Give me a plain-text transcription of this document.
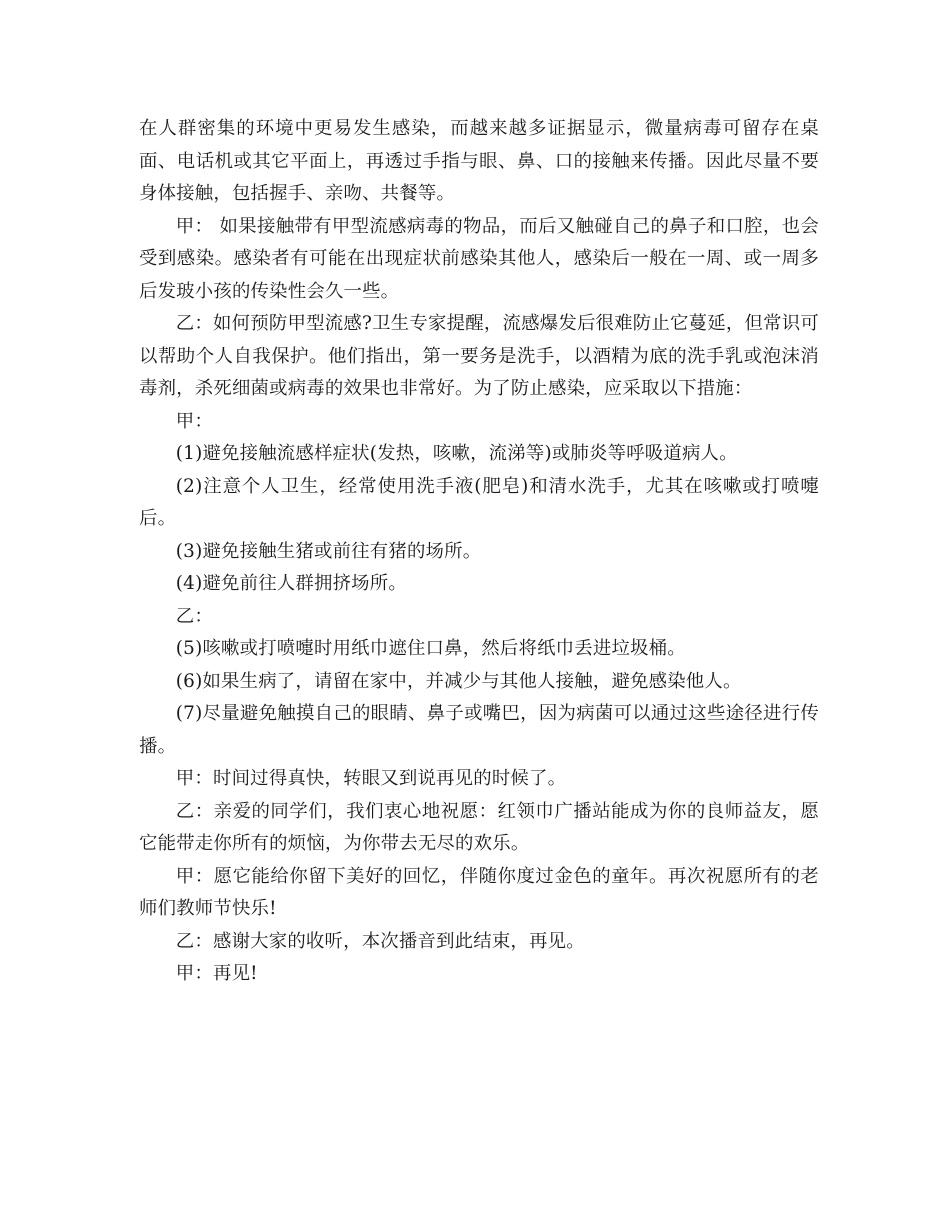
在人群密集的环境中更易发生感染，而越来越多证据显示，微量病毒可留存在桌面、电话机或其它平面上，再透过手指与眼、鼻、口的接触来传播。因此尽量不要身体接触，包括握手、亲吻、共餐等。

甲： 如果接触带有甲型流感病毒的物品，而后又触碰自己的鼻子和口腔，也会受到感染。感染者有可能在出现症状前感染其他人，感染后一般在一周、或一周多后发玻小孩的传染性会久一些。

乙：如何预防甲型流感?卫生专家提醒，流感爆发后很难防止它蔓延，但常识可以帮助个人自我保护。他们指出，第一要务是洗手，以酒精为底的洗手乳或泡沫消毒剂，杀死细菌或病毒的效果也非常好。为了防止感染，应采取以下措施：

甲：

(1)避免接触流感样症状(发热，咳嗽，流涕等)或肺炎等呼吸道病人。

(2)注意个人卫生，经常使用洗手液(肥皂)和清水洗手，尤其在咳嗽或打喷嚏后。

(3)避免接触生猪或前往有猪的场所。

(4)避免前往人群拥挤场所。

乙：

(5)咳嗽或打喷嚏时用纸巾遮住口鼻，然后将纸巾丢进垃圾桶。

(6)如果生病了，请留在家中，并减少与其他人接触，避免感染他人。

(7)尽量避免触摸自己的眼睛、鼻子或嘴巴，因为病菌可以通过这些途径进行传播。

甲：时间过得真快，转眼又到说再见的时候了。

乙：亲爱的同学们，我们衷心地祝愿：红领巾广播站能成为你的良师益友，愿它能带走你所有的烦恼，为你带去无尽的欢乐。

甲：愿它能给你留下美好的回忆，伴随你度过金色的童年。再次祝愿所有的老师们教师节快乐!

乙：感谢大家的收听，本次播音到此结束，再见。

甲：再见!
